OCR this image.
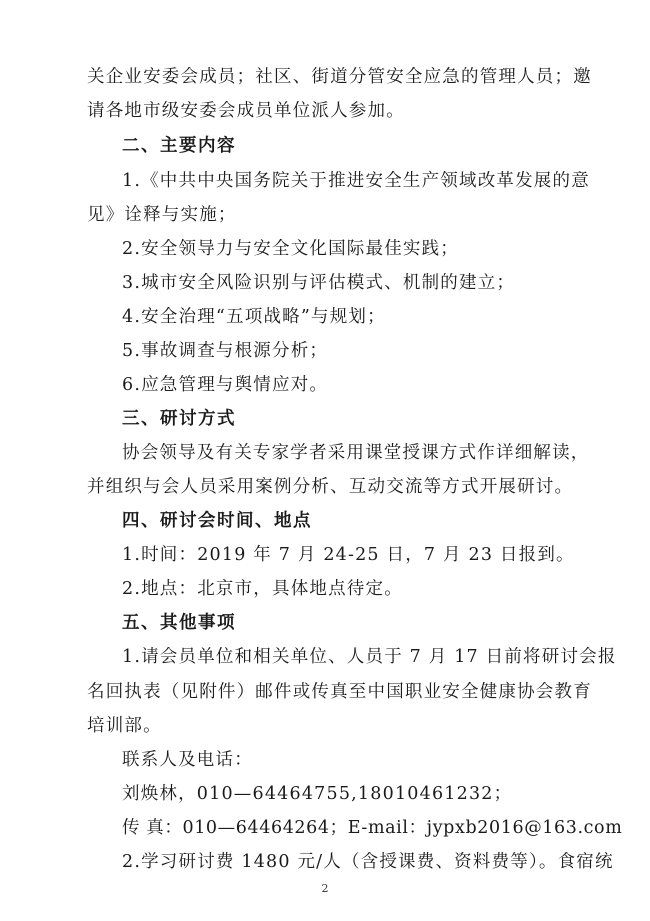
关企业安委会成员；社区、街道分管安全应急的管理人员；邀
请各地市级安委会成员单位派人参加。
二、主要内容
1.《中共中央国务院关于推进安全生产领域改革发展的意
见》诠释与实施；
2.安全领导力与安全文化国际最佳实践；
3.城市安全风险识别与评估模式、机制的建立；
4.安全治理“五项战略”与规划；
5.事故调查与根源分析；
6.应急管理与舆情应对。
三、研讨方式
协会领导及有关专家学者采用课堂授课方式作详细解读，
并组织与会人员采用案例分析、互动交流等方式开展研讨。
四、研讨会时间、地点
1.时间：2019 年 7 月 24-25 日，7 月 23 日报到。
2.地点：北京市，具体地点待定。
五、其他事项
1.请会员单位和相关单位、人员于 7 月 17 日前将研讨会报
名回执表（见附件）邮件或传真至中国职业安全健康协会教育
培训部。
联系人及电话：
刘焕林，010—64464755,18010461232；
传 真：010—64464264；E-mail：jypxb2016@163.com
2.学习研讨费 1480 元/人（含授课费、资料费等）。食宿统
2
